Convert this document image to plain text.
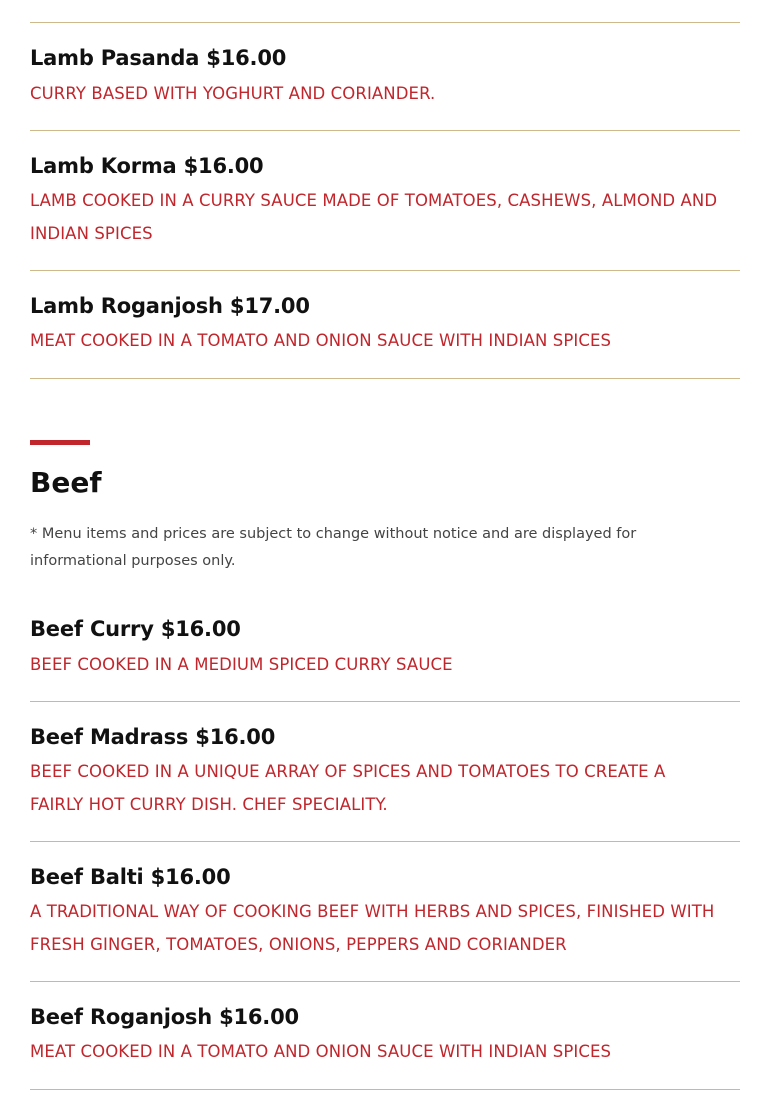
Lamb Pasanda $16.00
CURRY BASED WITH YOGHURT AND CORIANDER.
Lamb Korma $16.00
LAMB COOKED IN A CURRY SAUCE MADE OF TOMATOES, CASHEWS, ALMOND AND INDIAN SPICES
Lamb Roganjosh $17.00
MEAT COOKED IN A TOMATO AND ONION SAUCE WITH INDIAN SPICES
Beef
* Menu items and prices are subject to change without notice and are displayed for informational purposes only.
Beef Curry $16.00
BEEF COOKED IN A MEDIUM SPICED CURRY SAUCE
Beef Madrass $16.00
BEEF COOKED IN A UNIQUE ARRAY OF SPICES AND TOMATOES TO CREATE A FAIRLY HOT CURRY DISH. CHEF SPECIALITY.
Beef Balti $16.00
A TRADITIONAL WAY OF COOKING BEEF WITH HERBS AND SPICES, FINISHED WITH FRESH GINGER, TOMATOES, ONIONS, PEPPERS AND CORIANDER
Beef Roganjosh $16.00
MEAT COOKED IN A TOMATO AND ONION SAUCE WITH INDIAN SPICES
